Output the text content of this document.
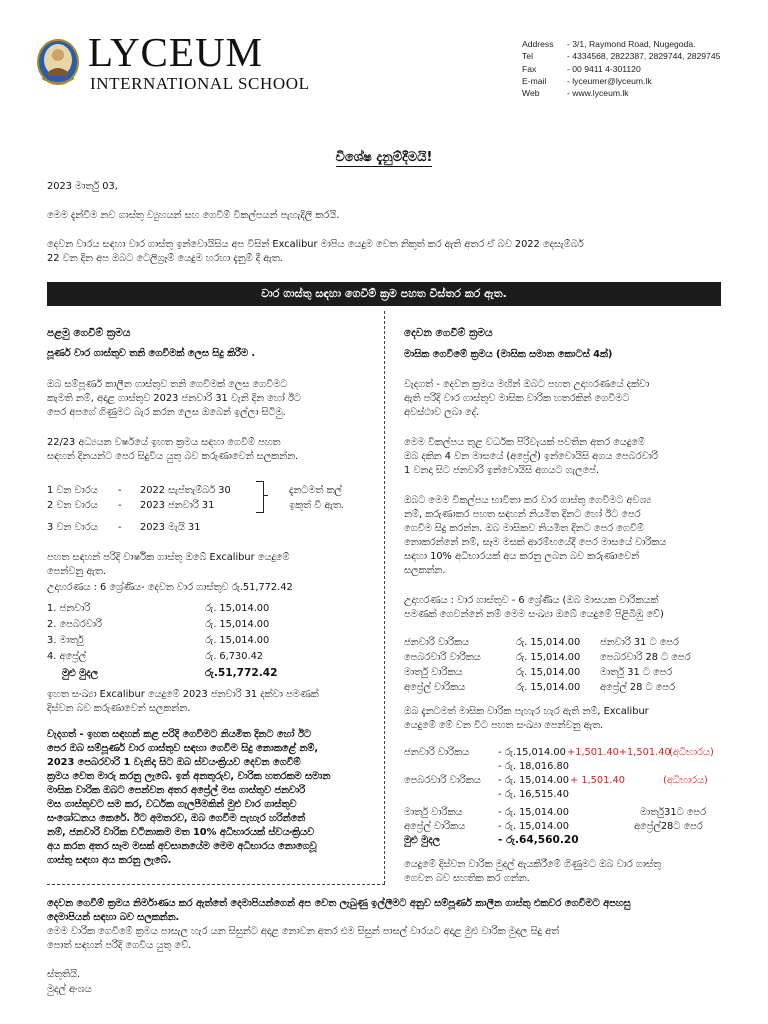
LYCEUM
INTERNATIONAL SCHOOL
Address	- 3/1, Raymond Road, Nugegoda.
Tel	- 4334568, 2822387, 2829744, 2829745
Fax	- 00 9411 4-301120
E-mail	- lyceumer@lyceum.lk
Web	- www.lyceum.lk
විශේෂ දැනුම්දීමයි!
2023 මාර්තු 03,
මෙම දැන්වීම නව ගාස්තු ව්‍යුහයන් සහ ගෙවීම් විකල්පයන් පැහැදිලි කරයි.
දෙවන වාරය සඳහා වාර ගාස්තු ඉන්වොයිසිය අප විසින් Excalibur මාපිය යෙදුම වෙත නිකුත් කර ඇති අතර ඒ බව 2022 දෙසැම්බර්
22 වන දින අප ඔබට ටෙලිග්‍රෑම් යෙදුම හරහා දැනුම් දී ඇත.
වාර ගාස්තු සඳහා ගෙවීම් ක්‍රම පහත විස්තර කර ඇත.
පළමු ගෙවීම් ක්‍රමය
පූර්ණ වාර ගාස්තුව තනි ගෙවීමක් ලෙස සිදු කිරීම .
ඔබ සම්පූර්ණ කාලීන ගාස්තුව තනි ගෙවීමක් ලෙස ගෙවීමට
කැමති නම්, අදාළ ගාස්තුව 2023 ජනවාරි 31 වැනි දින හෝ ඊට
පෙර අපගේ ගිණුමට බැර කරන ලෙස ඔබෙන් ඉල්ලා සිටිමු.
22/23 අධ්‍යයන වර්ෂයේ ඉහත ක්‍රමය සඳහා ගෙවීම් පහත
සඳහන් දිනයන්ට පෙර සිදුවිය යුතු බව කරුණාවෙන් සලකන්න.
1 වන වාරය - 2022 සැප්තැම්බර් 30
2 වන වාරය - 2023 ජනවාරි 31
දැනටමත් කල්
ඉකුත් වී ඇත.
3 වන වාරය - 2023 මැයි 31
පහත සඳහන් පරිදි වාර්ෂික ගාස්තු ඔබේ Excalibur යෙදුමේ
පෙන්වනු ඇත.
උදාහරණය : 6 ශ්‍රේණිය- දෙවන වාර ගාස්තුව රු.51,772.42
1. ජනවාරි	රු. 15,014.00
2. පෙබරවාරි	රු. 15,014.00
3. මාර්තු	රු. 15,014.00
4. අප්‍රේල්	රු. 6,730.42
මුළු මුදල	රු.51,772.42
ඉහත සංඛ්‍යා Excalibur යෙදුමේ 2023 ජනවාරි 31 දක්වා පමණක්
දිස්වන බව කරුණාවෙන් සලකන්න.
වැදගත් - ඉහත සඳහන් කළ පරිදි ගෙවීමට නියමිත දිනට හෝ ඊට
පෙර ඔබ සම්පූර්ණ වාර ගාස්තුව සඳහා ගෙවීම සිදු නොකළේ නම්,
2023 පෙබරවාරි 1 වැනිදා සිට ඔබ ස්වයංක්‍රියව දෙවන ගෙවීම්
ක්‍රමය වෙත මාරු කරනු ලැබේ. ඉන් අනතුරුව, වාරික හතරකම සමාන
මාසික වාරික ඔබට පෙන්වන අතර අප්‍රේල් මස ගාස්තුව ජනවාරි
මස ගාස්තුවට සම කර, වර්ධක ගැලපීමකින් මුළු වාර ගාස්තුව
සංශෝධනය කෙරේ. ඊට අමතරව, ඔබ ගෙවීම පැහැර හරින්නේ
නම්, ජනවාරි වාරික වටිනාකම මත 10% අධිභාරයක් ස්වයංක්‍රියව
අය කරන අතර සෑම මසක් අවසානයේම මෙම අධිභාරය නොගෙවූ
ගාස්තු සඳහා අය කරනු ලැබේ.
දෙවන ගෙවීම් ක්‍රමය
මාසික ගෙවීමේ ක්‍රමය (මාසික සමාන කොටස් 4ක්)
වැදගත් - දෙවන ක්‍රමය මඟින් ඔබට පහත උදාහරණයේ දක්වා
ඇති පරිදි වාර ගාස්තුව මාසික වාරික හතරකින් ගෙවීමට
අවස්ථාව ලබා දේ.
මෙම විකල්පය තුළ වර්ධක පිරිවැයක් පවතින අතර යෙදුමේ
ඔබ දකින 4 වන මාසයේ (අප්‍රේල්) ඉන්වොයිසි අගය පෙබරවාරි
1 වනදා සිට ජනවාරි ඉන්වොයිසි අගයට ගැලපේ.
ඔබට මෙම විකල්පය භාවිතා කර වාර ගාස්තු ගෙවීමට අවශ්‍ය
නම්, කරුණාකර පහත සඳහන් නියමිත දිනට හෝ ඊට පෙර
ගෙවීම සිදු කරන්න. ඔබ මාසිකව නියමිත දිනට පෙර ගෙවීම්
නොකරන්නේ නම්, සෑම මසක් ආරම්භයේදී පෙර මාසයේ වාරිකය
සඳහා 10% අධිභාරයක් අය කරනු ලබන බව කරුණාවෙන්
සලකන්න.
උදාහරණය : වාර ගාස්තුව - 6 ශ්‍රේණිය (ඔබ මාසයක වාරිකයක්
පමණක් ගෙවන්නේ නම් මෙම සංඛ්‍යා ඔබේ යෙදුමේ පිළිබිඹු වේ)
ජනවාරි වාරිකය	රු. 15,014.00 ජනවාරි 31 ට පෙර
පෙබරවාරි වාරිකය	රු. 15,014.00 පෙබරවාරි 28 ට පෙර
මාර්තු වාරිකය	රු. 15,014.00 මාර්තු 31 ට පෙර
අප්‍රේල් වාරිකය	රු. 15,014.00 අප්‍රේල් 28 ට පෙර
ඔබ දැනටමත් මාසික වාරික පැහැර හැර ඇති නම්, Excalibur
යෙදුමේ මේ වන විට පහත සංඛ්‍යා පෙන්වනු ඇත.
ජනවාරි වාරිකය	- රු.15,014.00 +1,501.40+1,501.40
(අධිභාරය)
- රු. 18,016.80
පෙබරවාරි වාරිකය - රු. 15,014.00 + 1,501.40	(අධිභාරය)
- රු. 16,515.40
මාර්තු වාරිකය	- රු. 15,014.00	මාර්තු31ට පෙර
අප්‍රේල් වාරිකය	- රු. 15,014.00	අප්‍රේල්28ට පෙර
මුළු මුදල	- රු.64,560.20
යෙදුමේ දිස්වන වාරික මුදල් ඇයකිරීමේ ගිණුමට ඔබ වාර ගාස්තු
ගෙවන බව සහතික කර ගන්න.
දෙවන ගෙවීම් ක්‍රමය නිර්මාණය කර ඇත්තේ දෙමාපියන්ගෙන් අප වෙත ලැබුණු ඉල්ලීමට අනුව සම්පූර්ණ කාලීන ගාස්තු එකවර ගෙවීමට අපහසු
දෙමාපියන් සඳහා බව සලකන්න.
මෙම වාරික ගෙවීමේ ක්‍රමය පාසැල හැර යන සිසුන්ට අදාළ නොවන අතර එම සිසුන් පාසල් වාරයට අදාළ මුළු වාරික මුදල සිදු අත්
පොත් සඳහන් පරිදි ගෙවිය යුතු වේ.
ස්තුතියි.
මුදල් අංශය
